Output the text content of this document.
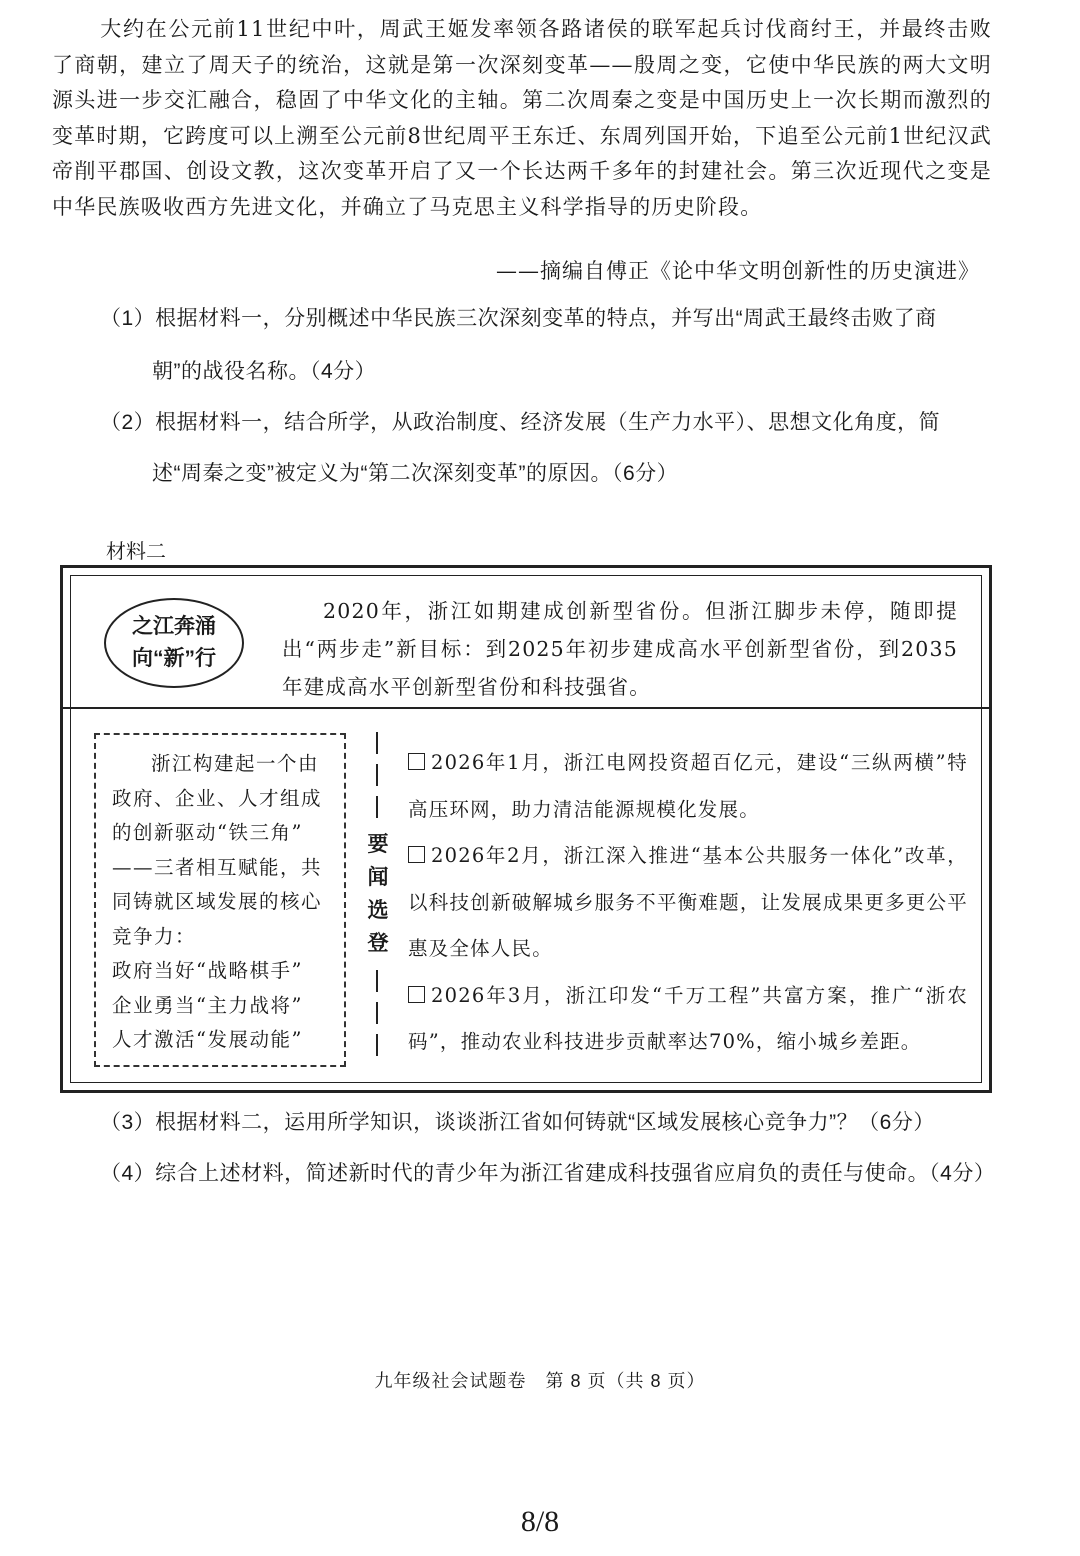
大约在公元前11世纪中叶，周武王姬发率领各路诸侯的联军起兵讨伐商纣王，并最终击败了商朝，建立了周天子的统治，这就是第一次深刻变革——殷周之变，它使中华民族的两大文明源头进一步交汇融合，稳固了中华文化的主轴。第二次周秦之变是中国历史上一次长期而激烈的变革时期，它跨度可以上溯至公元前8世纪周平王东迁、东周列国开始，下追至公元前1世纪汉武帝削平郡国、创设文教，这次变革开启了又一个长达两千多年的封建社会。第三次近现代之变是中华民族吸收西方先进文化，并确立了马克思主义科学指导的历史阶段。

——摘编自傅正《论中华文明创新性的历史演进》
（1）根据材料一，分别概述中华民族三次深刻变革的特点，并写出“周武王最终击败了商
朝”的战役名称。（4分）
（2）根据材料一，结合所学，从政治制度、经济发展（生产力水平）、思想文化角度，简
述“周秦之变”被定义为“第二次深刻变革”的原因。（6分）
材料二
之江奔涌
向“新”行
2020年，浙江如期建成创新型省份。但浙江脚步未停，随即提出“两步走”新目标：到2025年初步建成高水平创新型省份，到2035年建成高水平创新型省份和科技强省。
浙江构建起一个由
政府、企业、人才组成
的创新驱动“铁三角”
——三者相互赋能，共
同铸就区域发展的核心
竞争力：
政府当好“战略棋手”
企业勇当“主力战将”
人才激活“发展动能”
要
闻
选
登
2026年1月，浙江电网投资超百亿元，建设“三纵两横”特高压环网，助力清洁能源规模化发展。
2026年2月，浙江深入推进“基本公共服务一体化”改革，以科技创新破解城乡服务不平衡难题，让发展成果更多更公平惠及全体人民。
2026年3月，浙江印发“千万工程”共富方案，推广“浙农码”，推动农业科技进步贡献率达70%，缩小城乡差距。
（3）根据材料二，运用所学知识，谈谈浙江省如何铸就“区域发展核心竞争力”？（6分）
（4）综合上述材料，简述新时代的青少年为浙江省建成科技强省应肩负的责任与使命。（4分）
九年级社会试题卷　第 8 页（共 8 页）
8/8
